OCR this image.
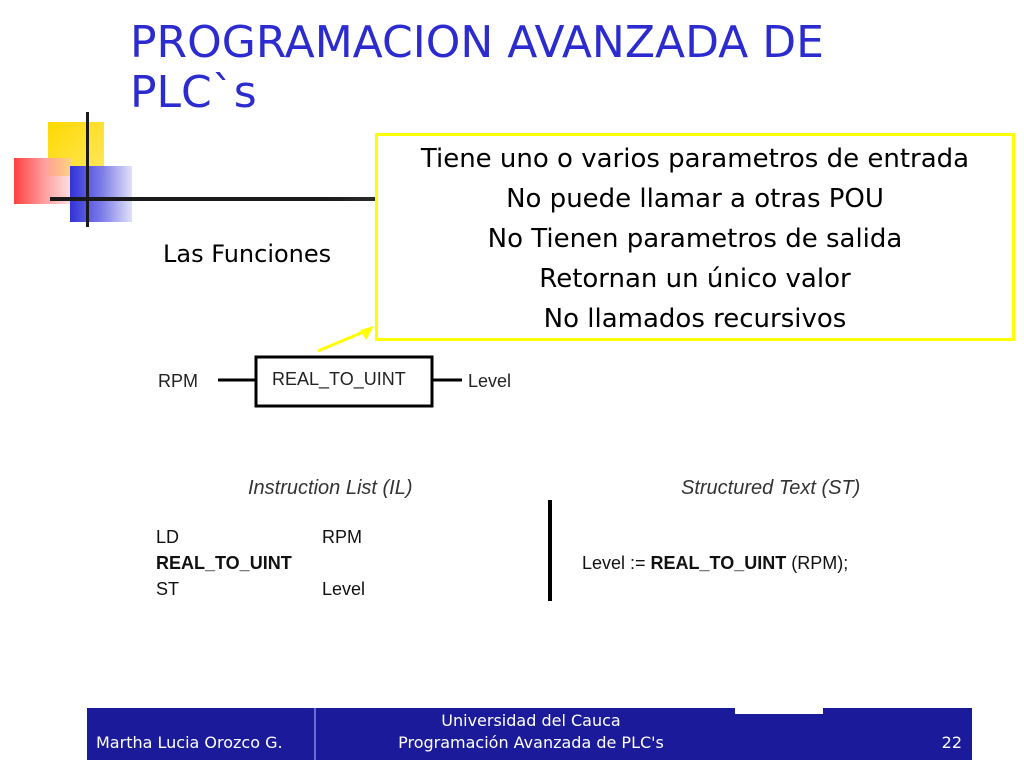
PROGRAMACION AVANZADA DE
PLC`s
Las Funciones
Tiene uno o varios parametros de entrada
No puede llamar a otras POU
No Tienen parametros de salida
Retornan un único valor
No llamados recursivos
RPM	REAL_TO_UINT	Level
Instruction List (IL)
LD	RPM
REAL_TO_UINT
ST	Level
Structured Text (ST)
Level := REAL_TO_UINT (RPM);
Martha Lucia Orozco G.
Universidad del Cauca
Programación Avanzada de PLC's	22
